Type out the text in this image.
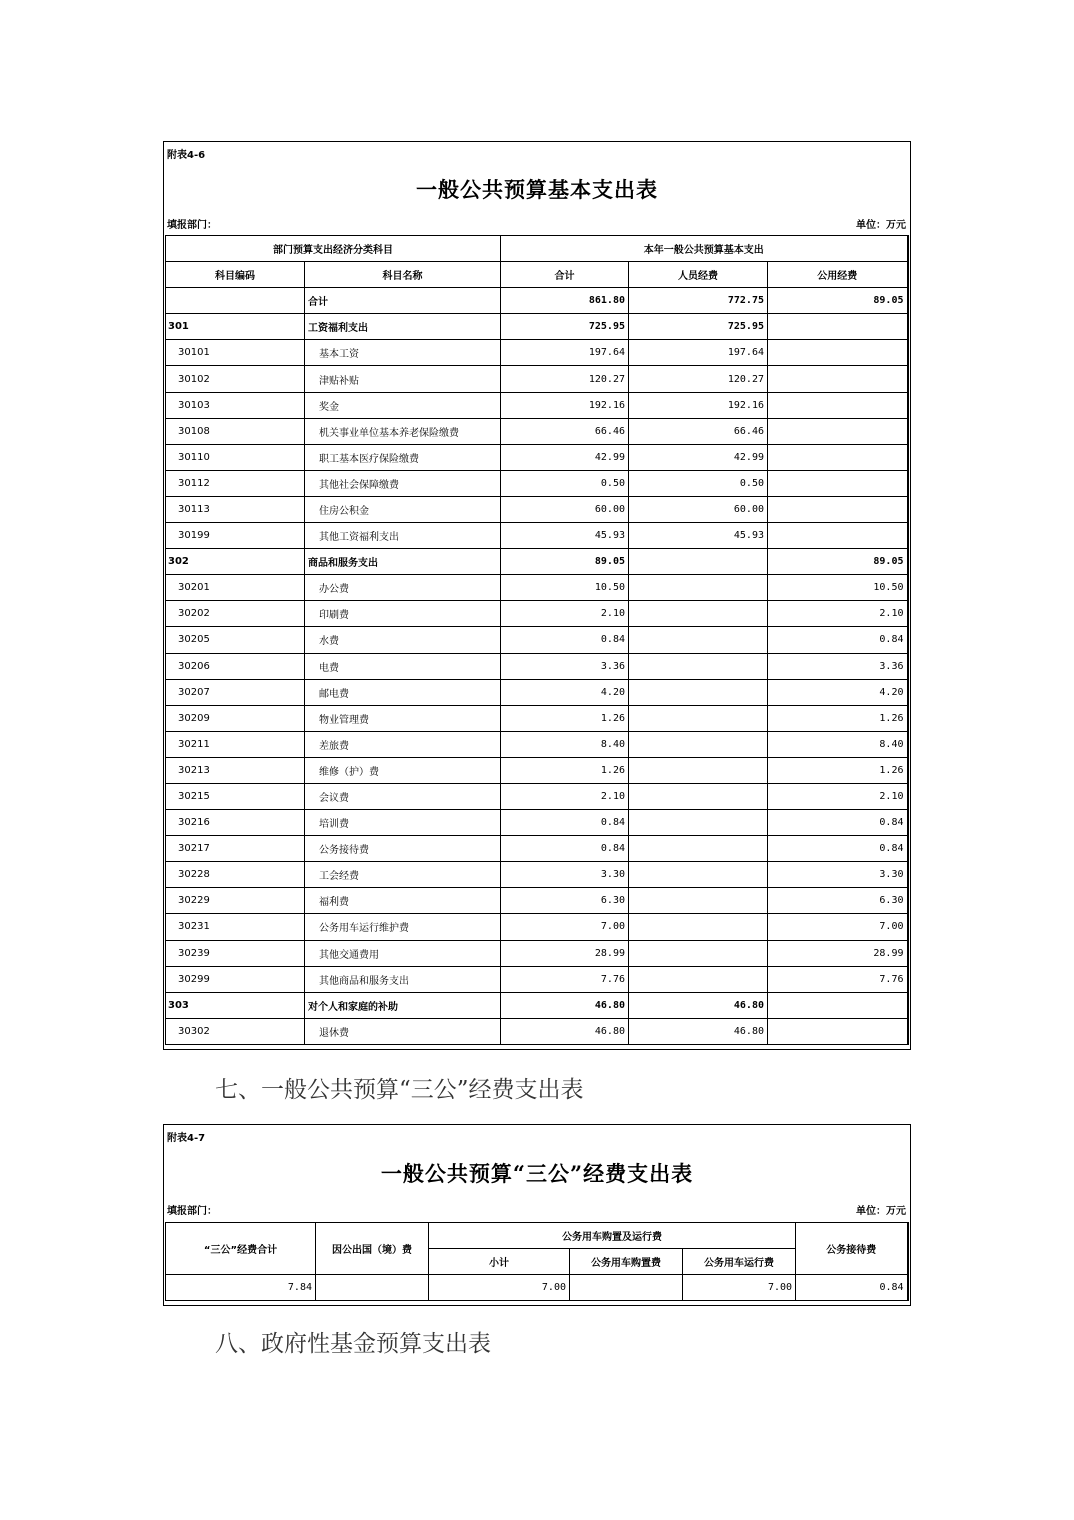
附表4-6
一般公共预算基本支出表
填报部门：	单位：万元
部门预算支出经济分类科目		本年一般公共预算基本支出		
科目编码	科目名称	合计	人员经费	公用经费
	合计	861.80	772.75	89.05
301	工资福利支出	725.95	725.95	
30101	基本工资	197.64	197.64	
30102	津贴补贴	120.27	120.27	
30103	奖金	192.16	192.16	
30108	机关事业单位基本养老保险缴费	66.46	66.46	
30110	职工基本医疗保险缴费	42.99	42.99	
30112	其他社会保障缴费	0.50	0.50	
30113	住房公积金	60.00	60.00	
30199	其他工资福利支出	45.93	45.93	
302	商品和服务支出	89.05		89.05
30201	办公费	10.50		10.50
30202	印刷费	2.10		2.10
30205	水费	0.84		0.84
30206	电费	3.36		3.36
30207	邮电费	4.20		4.20
30209	物业管理费	1.26		1.26
30211	差旅费	8.40		8.40
30213	维修（护）费	1.26		1.26
30215	会议费	2.10		2.10
30216	培训费	0.84		0.84
30217	公务接待费	0.84		0.84
30228	工会经费	3.30		3.30
30229	福利费	6.30		6.30
30231	公务用车运行维护费	7.00		7.00
30239	其他交通费用	28.99		28.99
30299	其他商品和服务支出	7.76		7.76
303	对个人和家庭的补助	46.80	46.80	
30302	退休费	46.80	46.80	
七、一般公共预算“三公”经费支出表
附表4-7
一般公共预算“三公”经费支出表
填报部门：	单位：万元
“三公”经费合计	因公出国（境）费	公务用车购置及运行费			公务接待费
		小计	公务用车购置费	公务用车运行费	
7.84		7.00		7.00	0.84
八、政府性基金预算支出表
